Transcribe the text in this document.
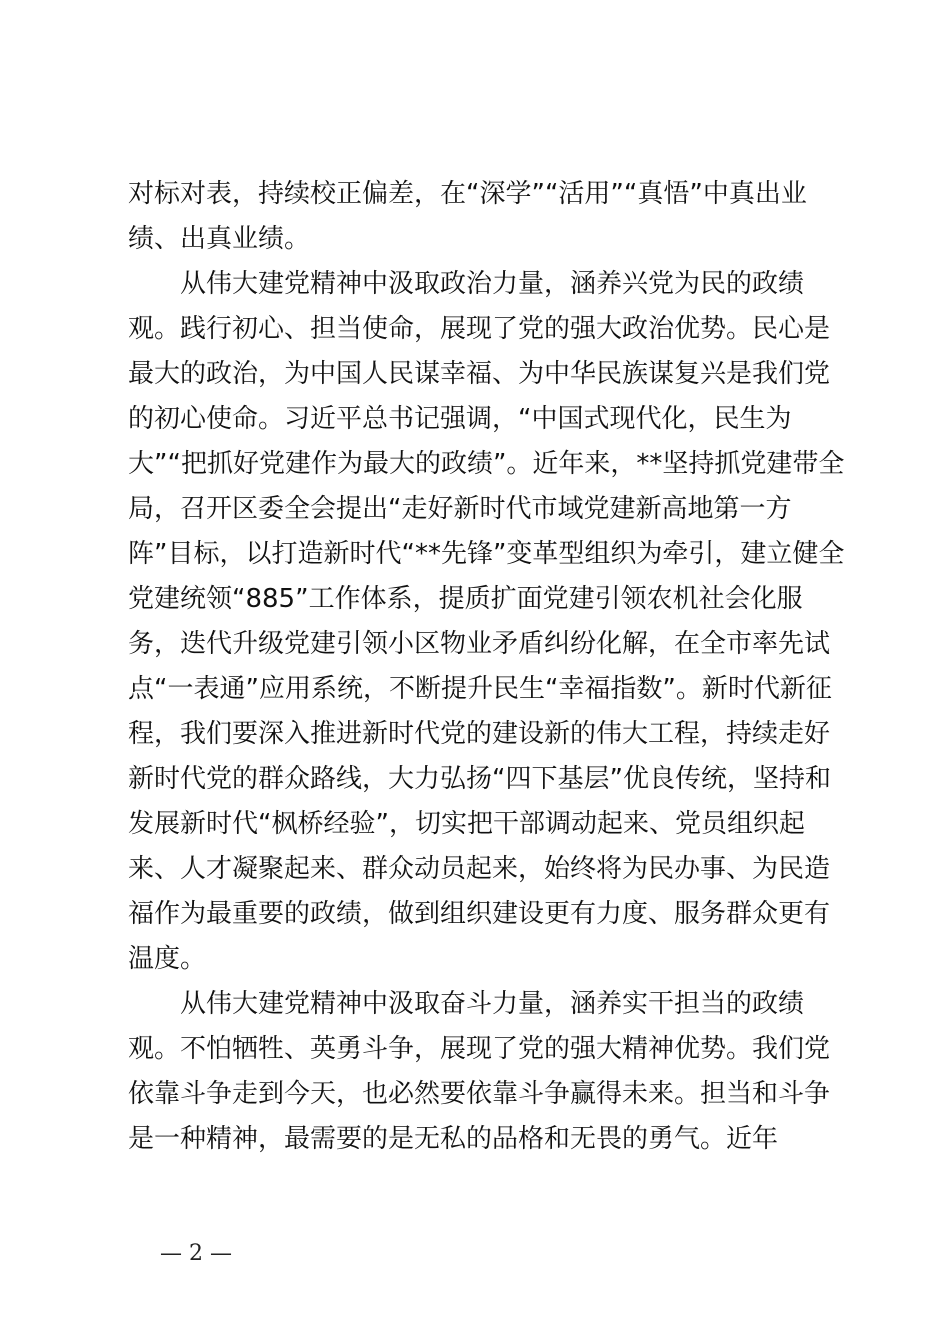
对标对表，持续校正偏差，在“深学”“活用”“真悟”中真出业
绩、出真业绩。
从伟大建党精神中汲取政治力量，涵养兴党为民的政绩
观。践行初心、担当使命，展现了党的强大政治优势。民心是
最大的政治，为中国人民谋幸福、为中华民族谋复兴是我们党
的初心使命。习近平总书记强调，“中国式现代化，民生为
大”“把抓好党建作为最大的政绩”。近年来，**坚持抓党建带全
局，召开区委全会提出“走好新时代市域党建新高地第一方
阵”目标，以打造新时代“**先锋”变革型组织为牵引，建立健全
党建统领“885”工作体系，提质扩面党建引领农机社会化服
务，迭代升级党建引领小区物业矛盾纠纷化解，在全市率先试
点“一表通”应用系统，不断提升民生“幸福指数”。新时代新征
程，我们要深入推进新时代党的建设新的伟大工程，持续走好
新时代党的群众路线，大力弘扬“四下基层”优良传统，坚持和
发展新时代“枫桥经验”，切实把干部调动起来、党员组织起
来、人才凝聚起来、群众动员起来，始终将为民办事、为民造
福作为最重要的政绩，做到组织建设更有力度、服务群众更有
温度。
从伟大建党精神中汲取奋斗力量，涵养实干担当的政绩
观。不怕牺牲、英勇斗争，展现了党的强大精神优势。我们党
依靠斗争走到今天，也必然要依靠斗争赢得未来。担当和斗争
是一种精神，最需要的是无私的品格和无畏的勇气。近年
— 2 —
